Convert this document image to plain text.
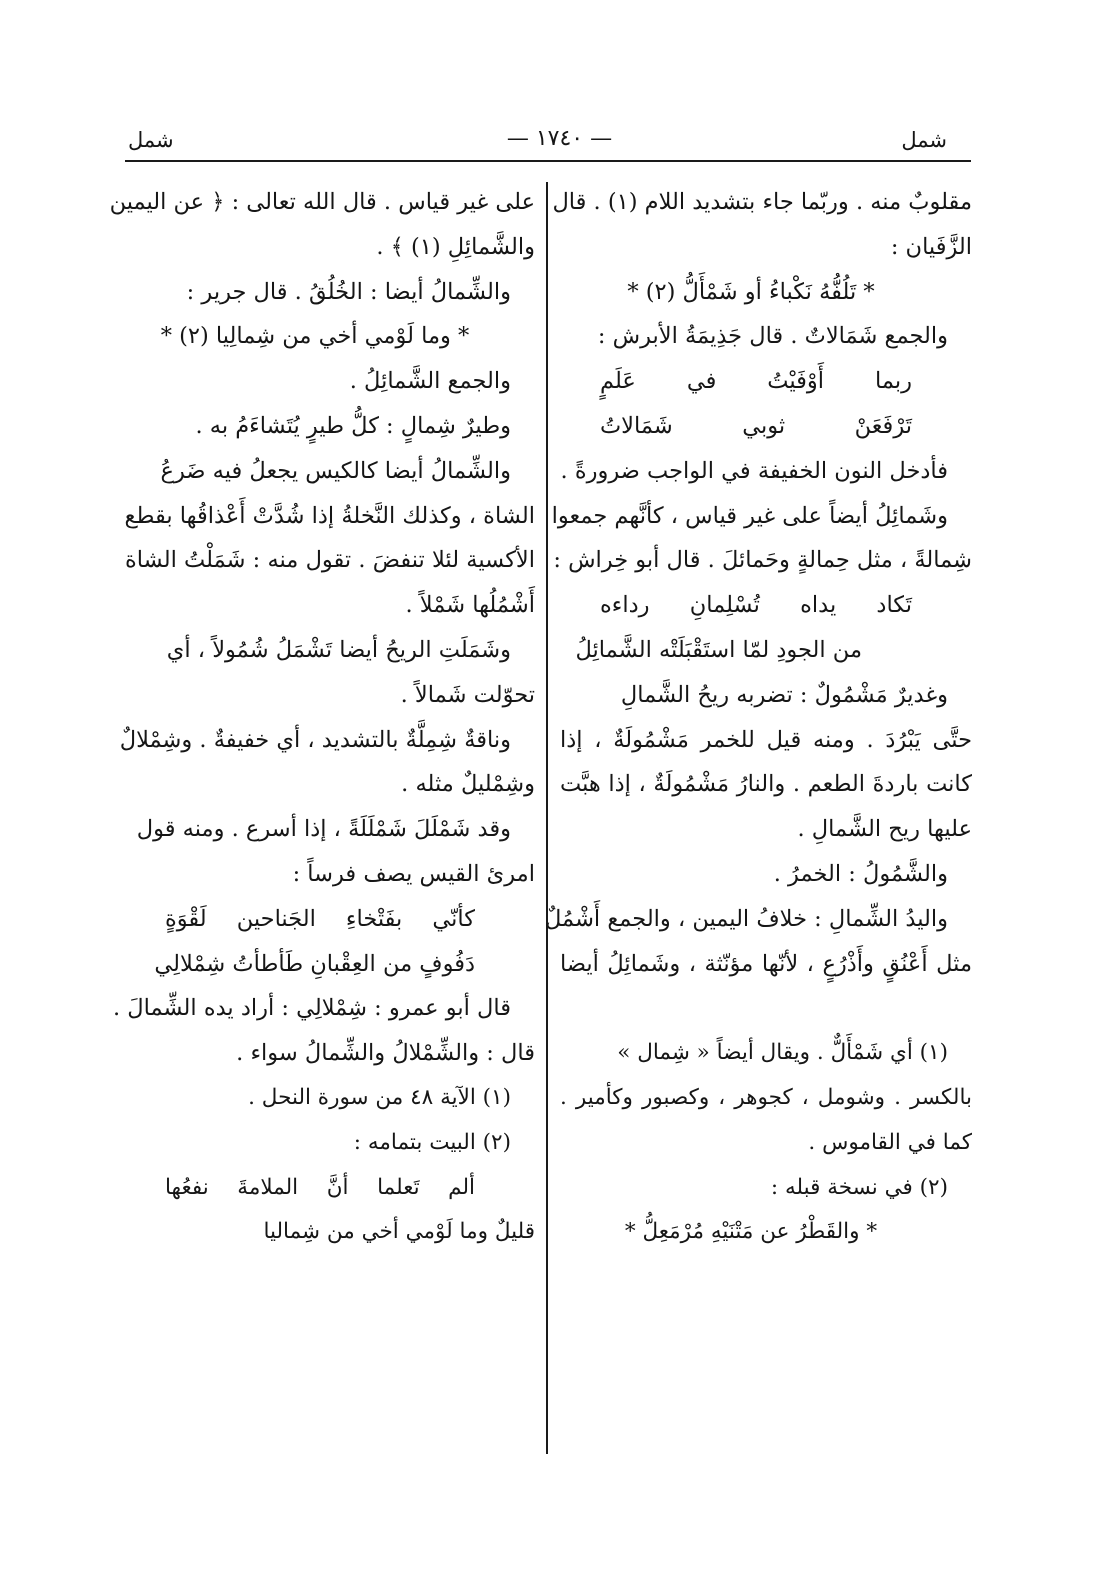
شمل	— ١٧٤٠ —	شمل
مقلوبٌ منه . وربّما جاء بتشديد اللام (١) . قال
الزَّفَيان :
* تَلُفُّهُ نَكْباءُ أو شَمْأَلُّ (٢) *
والجمع شَمَالاتٌ . قال جَذِيمَةُ الأبرش :
ربما أَوْفَيْتُ في عَلَمٍ
تَرْفَعَنْ ثوبي شَمَالاتُ
فأدخل النون الخفيفة في الواجب ضرورةً .
وشَمائِلُ أيضاً على غير قياس ، كأنَّهم جمعوا
شِمالةً ، مثل حِمالةٍ وحَمائلَ . قال أبو خِراش :
تَكاد يداه تُسْلِمانِ رداءه
من الجودِ لمّا استَقْبَلَتْه الشَّمائِلُ
وغديرٌ مَشْمُولٌ : تضربه ريحُ الشَّمالِ
حتَّى يَبْرُدَ . ومنه قيل للخمر مَشْمُولَةٌ ، إذا
كانت باردةَ الطعم . والنارُ مَشْمُولَةٌ ، إذا هبَّت
عليها ريح الشَّمالِ .
والشَّمُولُ : الخمرُ .
واليدُ الشِّمالِ : خلافُ اليمين ، والجمع أَشْمُلٌ
مثل أَعْنُقٍ وأَذْرُعٍ ، لأنّها مؤنّثة ، وشَمائِلُ أيضا
(١) أي شَمْأَلٌّ . ويقال أيضاً « شِمال »
بالكسر . وشومل ، كجوهر ، وكصبور وكأمير .
كما في القاموس .
(٢) في نسخة قبله :
* والقَطْرُ عن مَتْنَيْهِ مُرْمَعِلُّ *
على غير قياس . قال الله تعالى : ﴿ عن اليمين
والشَّمائِلِ (١) ﴾ .
والشِّمالُ أيضا : الخُلُقُ . قال جرير :
* وما لَوْمي أخي من شِمالِيا (٢) *
والجمع الشَّمائِلُ .
وطيرٌ شِمالٍ : كلُّ طيرٍ يُتَشاءَمُ به .
والشِّمالُ أيضا كالكيس يجعلُ فيه ضَرعُ
الشاة ، وكذلك النَّخلةُ إذا شُدَّتْ أَعْذاقُها بقطع
الأكسية لئلا تنفضَ . تقول منه : شَمَلْتُ الشاة
أَشْمُلُها شَمْلاً .
وشَمَلَتِ الريحُ أيضا تَشْمَلُ شُمُولاً ، أي
تحوّلت شَمالاً .
وناقةٌ شِمِلَّةٌ بالتشديد ، أي خفيفةٌ . وشِمْلالٌ
وشِمْليلٌ مثله .
وقد شَمْلَلَ شَمْلَلَةً ، إذا أسرع . ومنه قول
امرئ القيس يصف فرساً :
كأنّي بفَتْخاءِ الجَناحين لَقْوَةٍ
دَفُوفٍ من العِقْبانِ طَأطأتُ شِمْلالِي
قال أبو عمرو : شِمْلالِي : أراد يده الشِّمالَ .
قال : والشِّمْلالُ والشِّمالُ سواء .
(١) الآية ٤٨ من سورة النحل .
(٢) البيت بتمامه :
ألم تَعلما أنَّ الملامةَ نفعُها
قليلٌ وما لَوْمي أخي من شِماليا
